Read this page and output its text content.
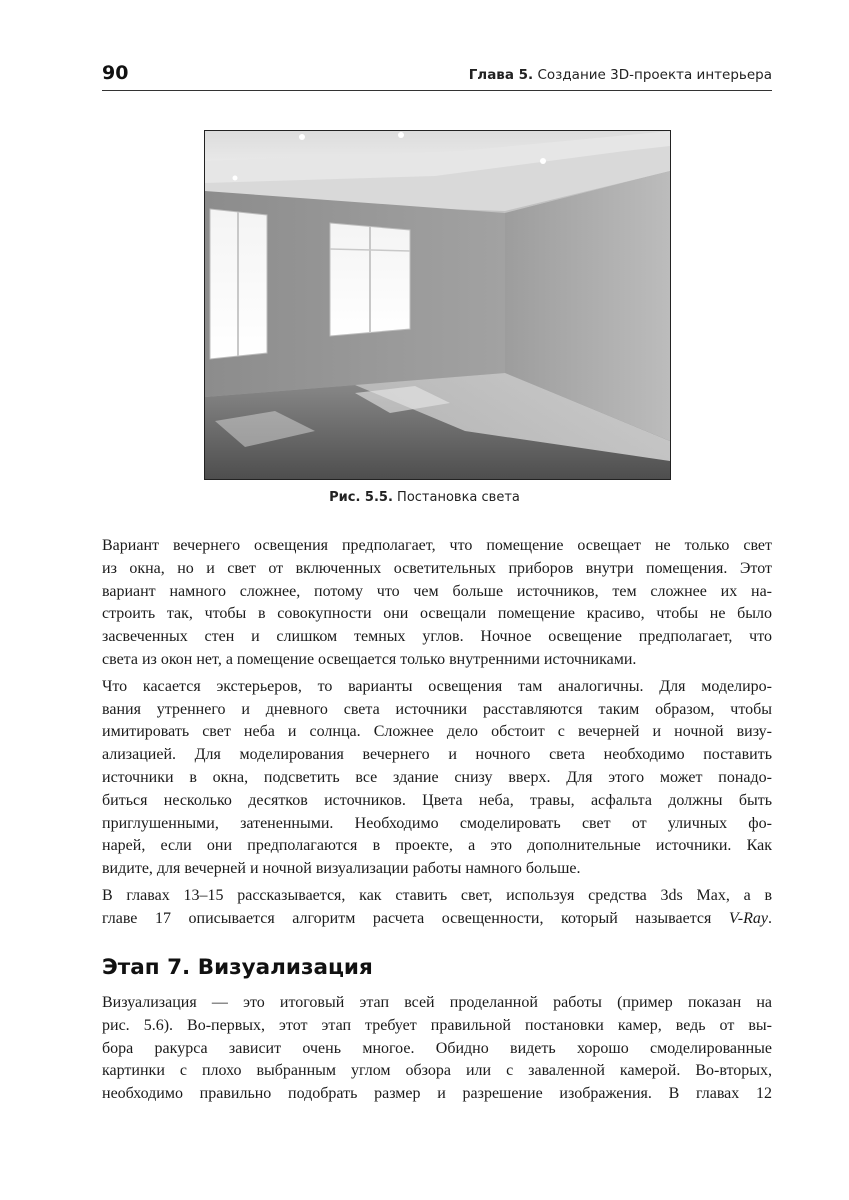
90	Глава 5. Создание 3D-проекта интерьера
Рис. 5.5. Постановка света

Вариант вечернего освещения предполагает, что помещение освещает не только свет
из окна, но и свет от включенных осветительных приборов внутри помещения. Этот
вариант намного сложнее, потому что чем больше источников, тем сложнее их на-
строить так, чтобы в совокупности они освещали помещение красиво, чтобы не было
засвеченных стен и слишком темных углов. Ночное освещение предполагает, что
света из окон нет, а помещение освещается только внутренними источниками.

Что касается экстерьеров, то варианты освещения там аналогичны. Для моделиро-
вания утреннего и дневного света источники расставляются таким образом, чтобы
имитировать свет неба и солнца. Сложнее дело обстоит с вечерней и ночной визу-
ализацией. Для моделирования вечернего и ночного света необходимо поставить
источники в окна, подсветить все здание снизу вверх. Для этого может понадо-
биться несколько десятков источников. Цвета неба, травы, асфальта должны быть
приглушенными, затененными. Необходимо смоделировать свет от уличных фо-
нарей, если они предполагаются в проекте, а это дополнительные источники. Как
видите, для вечерней и ночной визуализации работы намного больше.

В главах 13–15 рассказывается, как ставить свет, используя средства 3ds Max, а в
главе 17 описывается алгоритм расчета освещенности, который называется V-Ray.

Этап 7. Визуализация

Визуализация — это итоговый этап всей проделанной работы (пример показан на
рис. 5.6). Во-первых, этот этап требует правильной постановки камер, ведь от вы-
бора ракурса зависит очень многое. Обидно видеть хорошо смоделированные
картинки с плохо выбранным углом обзора или с заваленной камерой. Во-вторых,
необходимо правильно подобрать размер и разрешение изображения. В главах 12
